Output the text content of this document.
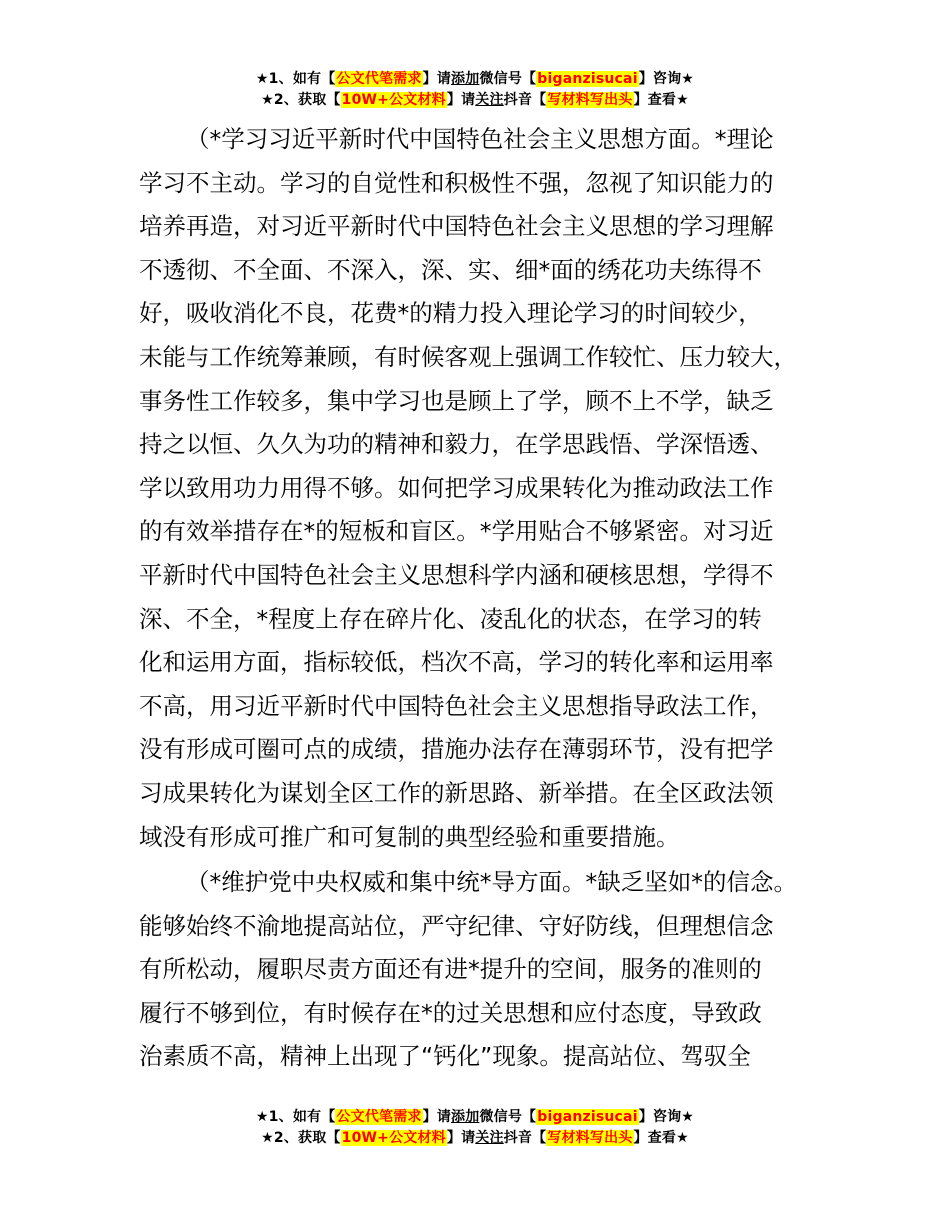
★1、如有【公文代笔需求】请添加微信号【biganzisucai】咨询★
★2、获取【10W+公文材料】请关注抖音【写材料写出头】查看★

（*学习习近平新时代中国特色社会主义思想方面。*理论
学习不主动。学习的自觉性和积极性不强，忽视了知识能力的
培养再造，对习近平新时代中国特色社会主义思想的学习理解
不透彻、不全面、不深入，深、实、细*面的绣花功夫练得不
好，吸收消化不良，花费*的精力投入理论学习的时间较少，
未能与工作统筹兼顾，有时候客观上强调工作较忙、压力较大，
事务性工作较多，集中学习也是顾上了学，顾不上不学，缺乏
持之以恒、久久为功的精神和毅力，在学思践悟、学深悟透、
学以致用功力用得不够。如何把学习成果转化为推动政法工作
的有效举措存在*的短板和盲区。*学用贴合不够紧密。对习近
平新时代中国特色社会主义思想科学内涵和硬核思想，学得不
深、不全，*程度上存在碎片化、凌乱化的状态，在学习的转
化和运用方面，指标较低，档次不高，学习的转化率和运用率
不高，用习近平新时代中国特色社会主义思想指导政法工作，
没有形成可圈可点的成绩，措施办法存在薄弱环节，没有把学
习成果转化为谋划全区工作的新思路、新举措。在全区政法领
域没有形成可推广和可复制的典型经验和重要措施。

（*维护党中央权威和集中统*导方面。*缺乏坚如*的信念。
能够始终不渝地提高站位，严守纪律、守好防线，但理想信念
有所松动，履职尽责方面还有进*提升的空间，服务的准则的
履行不够到位，有时候存在*的过关思想和应付态度，导致政
治素质不高，精神上出现了“钙化”现象。提高站位、驾驭全

★1、如有【公文代笔需求】请添加微信号【biganzisucai】咨询★
★2、获取【10W+公文材料】请关注抖音【写材料写出头】查看★
